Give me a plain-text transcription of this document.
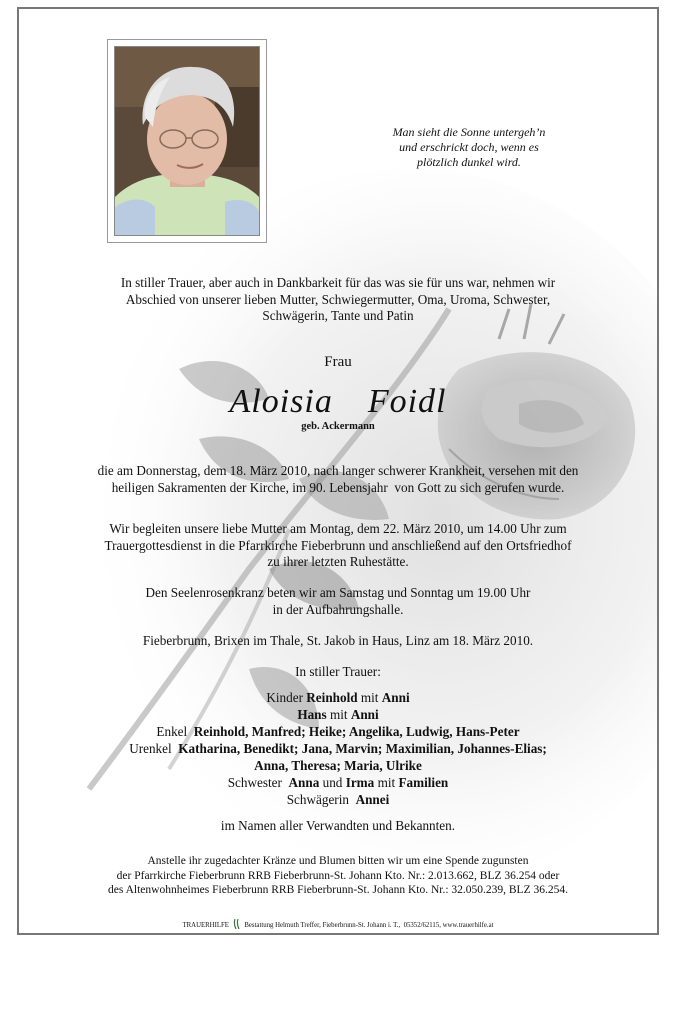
Man sieht die Sonne untergeh’n
und erschrickt doch, wenn es
plötzlich dunkel wird.
In stiller Trauer, aber auch in Dankbarkeit für das was sie für uns war, nehmen wir
Abschied von unserer lieben Mutter, Schwiegermutter, Oma, Uroma, Schwester,
Schwägerin, Tante und Patin
Frau
Aloisia  Foidl
geb. Ackermann
die am Donnerstag, dem 18. März 2010, nach langer schwerer Krankheit, versehen mit den
heiligen Sakramenten der Kirche, im 90. Lebensjahr  von Gott zu sich gerufen wurde.
Wir begleiten unsere liebe Mutter am Montag, dem 22. März 2010, um 14.00 Uhr zum
Trauergottesdienst in die Pfarrkirche Fieberbrunn und anschließend auf den Ortsfriedhof
zu ihrer letzten Ruhestätte.
Den Seelenrosenkranz beten wir am Samstag und Sonntag um 19.00 Uhr
in der Aufbahrungshalle.
Fieberbrunn, Brixen im Thale, St. Jakob in Haus, Linz am 18. März 2010.
In stiller Trauer:
Kinder Reinhold mit Anni
Hans mit Anni
Enkel Reinhold, Manfred; Heike; Angelika, Ludwig, Hans-Peter
Urenkel Katharina, Benedikt; Jana, Marvin; Maximilian, Johannes-Elias;
Anna, Theresa; Maria, Ulrike
Schwester Anna und Irma mit Familien
Schwägerin Annei
im Namen aller Verwandten und Bekannten.
Anstelle ihr zugedachter Kränze und Blumen bitten wir um eine Spende zugunsten
der Pfarrkirche Fieberbrunn RRB Fieberbrunn-St. Johann Kto. Nr.: 2.013.662, BLZ 36.254 oder
des Altenwohnheimes Fieberbrunn RRB Fieberbrunn-St. Johann Kto. Nr.: 32.050.239, BLZ 36.254.
TRAUERHILFE Bestattung Helmuth Treffer, Fieberbrunn-St. Johann i. T.,  05352/62115, www.trauerhilfe.at
